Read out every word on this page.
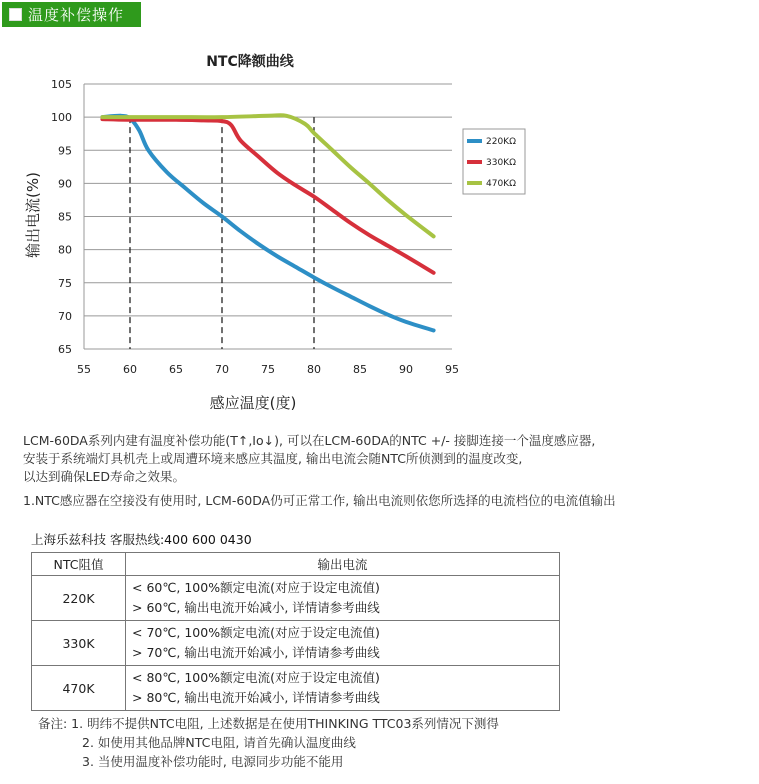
温度补偿操作
65
70
75
80
85
90
95
100
105
55	60	65	70	75	80	85	90	95
220KΩ
330KΩ
470KΩ
NTC降额曲线
感应温度(度)
输出电流(%)
LCM-60DA系列内建有温度补偿功能(T↑,Io↓), 可以在LCM-60DA的NTC +/- 接脚连接一个温度感应器,
安装于系统端灯具机壳上或周遭环境来感应其温度, 输出电流会随NTC所侦测到的温度改变,
以达到确保LED寿命之效果。
1.NTC感应器在空接没有使用时, LCM-60DA仍可正常工作, 输出电流则依您所选择的电流档位的电流值输出
上海乐兹科技 客服热线:400 600 0430
NTC阻值	输出电流
220K	< 60℃, 100%额定电流(对应于设定电流值)
> 60℃, 输出电流开始减小, 详情请参考曲线

330K	< 70℃, 100%额定电流(对应于设定电流值)
> 70℃, 输出电流开始减小, 详情请参考曲线

470K	< 80℃, 100%额定电流(对应于设定电流值)
> 80℃, 输出电流开始减小, 详情请参考曲线
备注: 1. 明纬不提供NTC电阻, 上述数据是在使用THINKING TTC03系列情况下测得
2. 如使用其他品牌NTC电阻, 请首先确认温度曲线
3. 当使用温度补偿功能时, 电源同步功能不能用
